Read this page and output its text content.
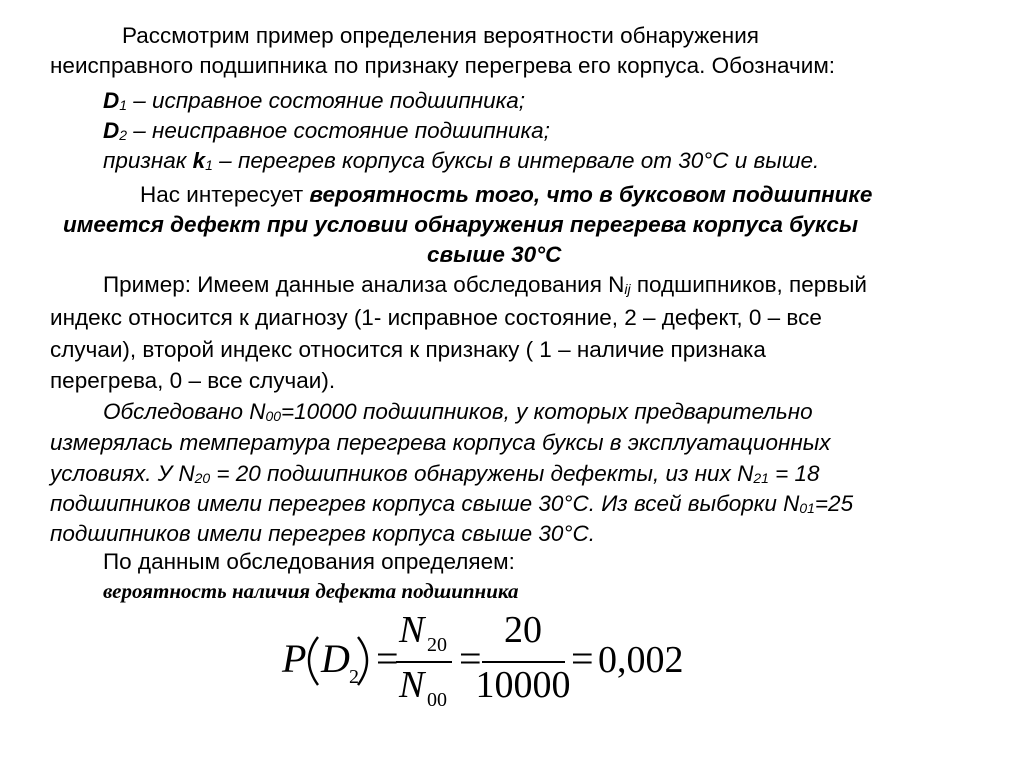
Рассмотрим пример определения вероятности обнаружения

неисправного подшипника по признаку перегрева его корпуса. Обозначим:

D1 – исправное состояние подшипника;

D2 – неисправное состояние подшипника;

признак k1 – перегрев корпуса буксы в интервале от 30°С и выше.

Нас интересует вероятность того, что в буксовом подшипнике

имеется дефект при условии обнаружения перегрева корпуса буксы

свыше 30°С

Пример: Имеем данные анализа обследования Nij подшипников, первый

индекс относится к диагнозу (1- исправное состояние, 2 – дефект, 0 – все

случаи), второй индекс относится к признаку ( 1 – наличие признака

перегрева, 0 – все случаи).

Обследовано N00=10000 подшипников, у которых предварительно

измерялась температура перегрева корпуса буксы в эксплуатационных

условиях. У N20 = 20 подшипников обнаружены дефекты, из них N21 = 18

подшипников имели перегрев корпуса свыше 30°С. Из всей выборки N01=25

подшипников имели перегрев корпуса свыше 30°С.

По данным обследования определяем:

вероятность наличия дефекта подшипника

P D 2 =
N 20
N 00
=
20
10000
= 0,002
